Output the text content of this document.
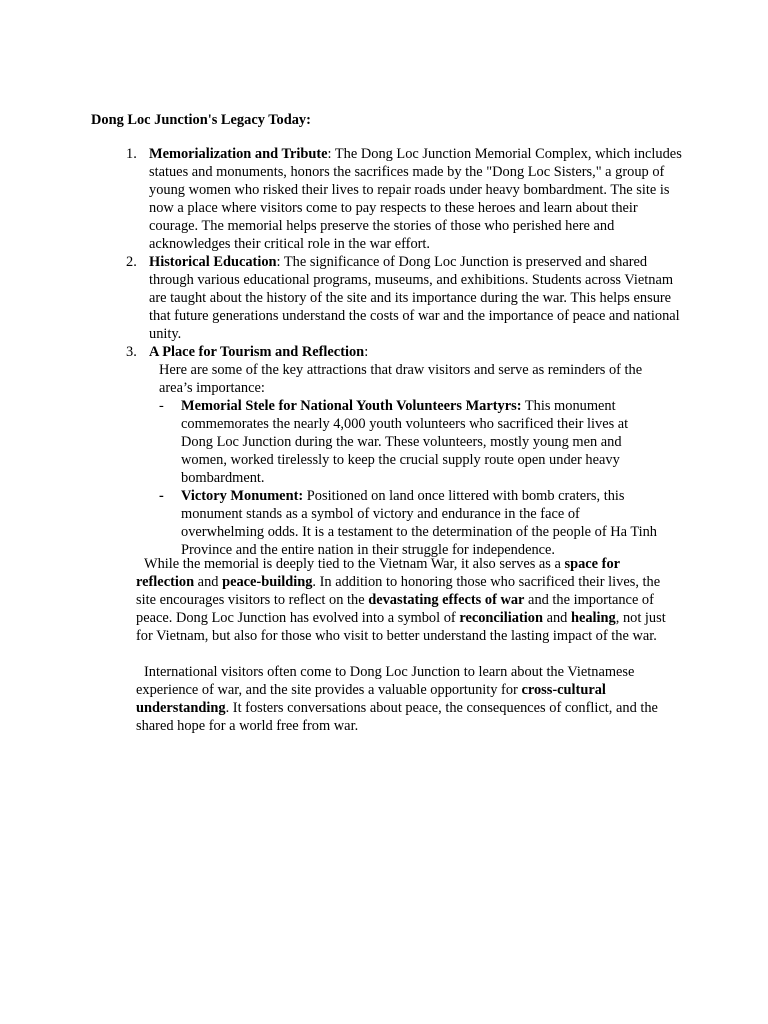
Dong Loc Junction's Legacy Today:

1. Memorialization and Tribute: The Dong Loc Junction Memorial Complex, which includes statues and monuments, honors the sacrifices made by the "Dong Loc Sisters," a group of young women who risked their lives to repair roads under heavy bombardment. The site is now a place where visitors come to pay respects to these heroes and learn about their courage. The memorial helps preserve the stories of those who perished here and acknowledges their critical role in the war effort.
2. Historical Education: The significance of Dong Loc Junction is preserved and shared through various educational programs, museums, and exhibitions. Students across Vietnam are taught about the history of the site and its importance during the war. This helps ensure that future generations understand the costs of war and the importance of peace and national unity.
3. A Place for Tourism and Reflection:
Here are some of the key attractions that draw visitors and serve as reminders of the area’s importance:
- Memorial Stele for National Youth Volunteers Martyrs: This monument commemorates the nearly 4,000 youth volunteers who sacrificed their lives at Dong Loc Junction during the war. These volunteers, mostly young men and women, worked tirelessly to keep the crucial supply route open under heavy bombardment.
- Victory Monument: Positioned on land once littered with bomb craters, this monument stands as a symbol of victory and endurance in the face of overwhelming odds. It is a testament to the determination of the people of Ha Tinh Province and the entire nation in their struggle for independence.

While the memorial is deeply tied to the Vietnam War, it also serves as a space for reflection and peace-building. In addition to honoring those who sacrificed their lives, the site encourages visitors to reflect on the devastating effects of war and the importance of peace. Dong Loc Junction has evolved into a symbol of reconciliation and healing, not just for Vietnam, but also for those who visit to better understand the lasting impact of the war.

International visitors often come to Dong Loc Junction to learn about the Vietnamese experience of war, and the site provides a valuable opportunity for cross-cultural understanding. It fosters conversations about peace, the consequences of conflict, and the shared hope for a world free from war.
